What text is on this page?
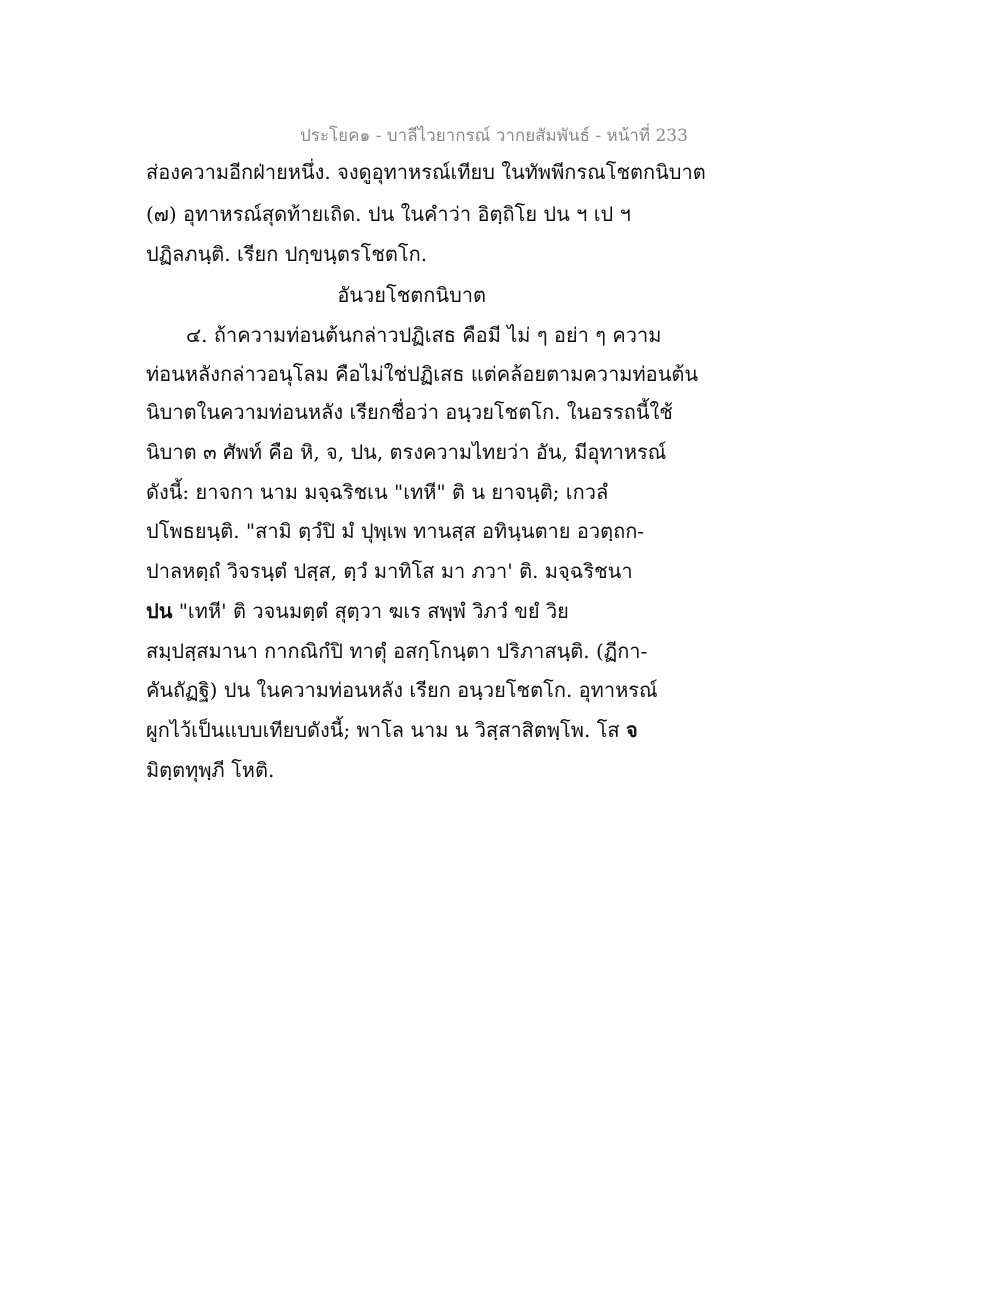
ประโยค๑ - บาลีไวยากรณ์ วากยสัมพันธ์ - หน้าที่ 233
ส่องความอีกฝ่ายหนึ่ง. จงดูอุทาหรณ์เทียบ ในทัพพีกรณโชตกนิบาต
(๗) อุทาหรณ์สุดท้ายเถิด. ปน ในคำว่า อิตฺถิโย ปน ฯ เป ฯ
ปฏิลภนฺติ. เรียก ปกฺขนฺตรโชตโก.
อันวยโชตกนิบาต
๔. ถ้าความท่อนต้นกล่าวปฏิเสธ คือมี ไม่ ๆ อย่า ๆ ความ
ท่อนหลังกล่าวอนุโลม คือไม่ใช่ปฏิเสธ แต่คล้อยตามความท่อนต้น
นิบาตในความท่อนหลัง เรียกชื่อว่า อนฺวยโชตโก. ในอรรถนี้ใช้
นิบาต ๓ ศัพท์ คือ หิ, จ, ปน, ตรงความไทยว่า อัน, มีอุทาหรณ์
ดังนี้: ยาจกา นาม มจฺฉริชเน "เทหี" ติ น ยาจนฺติ; เกวลํ
ปโพธยนฺติ. "สามิ ตฺวํปิ มํ ปุพฺเพ ทานสฺส อทินฺนตาย อวตฺถก-
ปาลหตฺถํ วิจรนฺตํ ปสฺส, ตฺวํ มาทิโส มา ภวา' ติ. มจฺฉริชนา
ปน "เทหี' ติ วจนมตฺตํ สุตฺวา ฆเร สพฺพํ วิภวํ ขยํ วิย
สมฺปสฺสมานา กากณิกํปิ ทาตุํ อสกฺโกนฺตา ปริภาสนฺติ. (ฏีกา-
คันถัฏฐิ) ปน ในความท่อนหลัง เรียก อนฺวยโชตโก. อุทาหรณ์
ผูกไว้เป็นแบบเทียบดังนี้; พาโล นาม น วิสฺสาสิตพฺโพ. โส จ
มิตฺตทุพฺภี โหติ.
